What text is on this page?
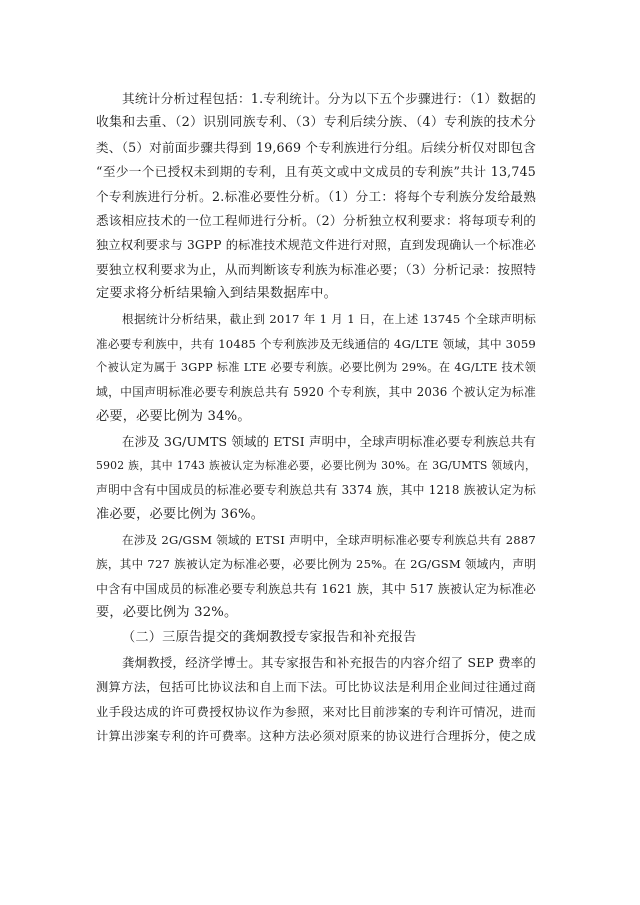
其统计分析过程包括：1.专利统计。分为以下五个步骤进行：（1）数据的
收集和去重、（2）识别同族专利、（3）专利后续分族、（4）专利族的技术分
类、（5）对前面步骤共得到 19,669 个专利族进行分组。后续分析仅对即包含
“至少一个已授权未到期的专利，且有英文或中文成员的专利族”共计 13,745
个专利族进行分析。2.标准必要性分析。（1）分工：将每个专利族分发给最熟
悉该相应技术的一位工程师进行分析。（2）分析独立权利要求：将每项专利的
独立权利要求与 3GPP 的标准技术规范文件进行对照，直到发现确认一个标准必
要独立权利要求为止，从而判断该专利族为标准必要；（3）分析记录：按照特
定要求将分析结果输入到结果数据库中。
根据统计分析结果，截止到 2017 年 1 月 1 日，在上述 13745 个全球声明标
准必要专利族中，共有 10485 个专利族涉及无线通信的 4G/LTE 领域，其中 3059
个被认定为属于 3GPP 标准 LTE 必要专利族。必要比例为 29%。在 4G/LTE 技术领
域，中国声明标准必要专利族总共有 5920 个专利族，其中 2036 个被认定为标准
必要，必要比例为 34%。
在涉及 3G/UMTS 领域的 ETSI 声明中，全球声明标准必要专利族总共有
5902 族，其中 1743 族被认定为标准必要，必要比例为 30%。在 3G/UMTS 领域内，
声明中含有中国成员的标准必要专利族总共有 3374 族，其中 1218 族被认定为标
准必要，必要比例为 36%。
在涉及 2G/GSM 领域的 ETSI 声明中，全球声明标准必要专利族总共有 2887
族，其中 727 族被认定为标准必要，必要比例为 25%。在 2G/GSM 领域内，声明
中含有中国成员的标准必要专利族总共有 1621 族，其中 517 族被认定为标准必
要，必要比例为 32%。
（二）三原告提交的龚炯教授专家报告和补充报告
龚炯教授，经济学博士。其专家报告和补充报告的内容介绍了 SEP 费率的
测算方法，包括可比协议法和自上而下法。可比协议法是利用企业间过往通过商
业手段达成的许可费授权协议作为参照，来对比目前涉案的专利许可情况，进而
计算出涉案专利的许可费率。这种方法必须对原来的协议进行合理拆分，使之成
